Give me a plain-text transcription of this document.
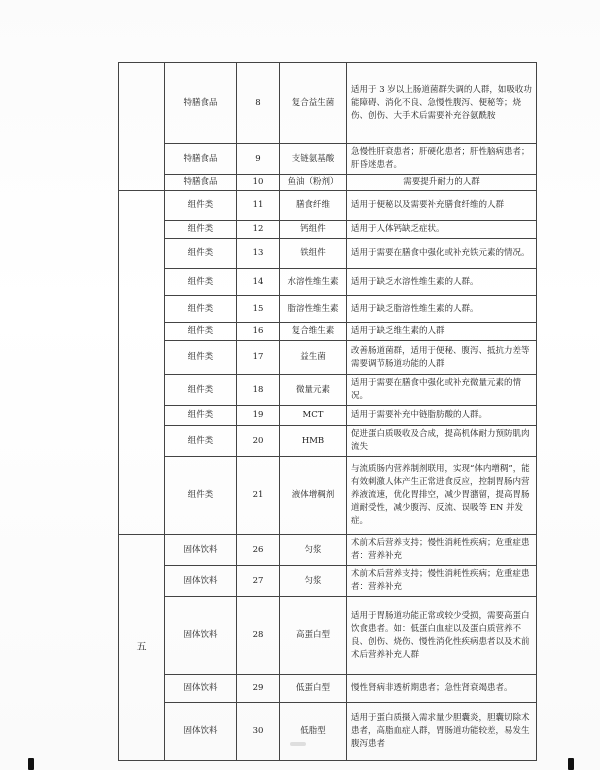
	特膳食品	8	复合益生菌	适用于 3 岁以上肠道菌群失调的人群，如吸收功能障碍、消化不良、急慢性腹泻、便秘等；烧伤、创伤、大手术后需要补充谷氨酰胺
	特膳食品	9	支链氨基酸	急慢性肝衰患者；肝硬化患者；肝性脑病患者；肝昏迷患者。
	特膳食品	10	鱼油（粉剂）	需要提升耐力的人群
	组件类	11	膳食纤维	适用于便秘以及需要补充膳食纤维的人群
	组件类	12	钙组件	适用于人体钙缺乏症状。
	组件类	13	铁组件	适用于需要在膳食中强化或补充铁元素的情况。
	组件类	14	水溶性维生素	适用于缺乏水溶性维生素的人群。
	组件类	15	脂溶性维生素	适用于缺乏脂溶性维生素的人群。
	组件类	16	复合维生素	适用于缺乏维生素的人群
	组件类	17	益生菌	改善肠道菌群，适用于便秘、腹泻、抵抗力差等需要调节肠道功能的人群
	组件类	18	微量元素	适用于需要在膳食中强化或补充微量元素的情况。
	组件类	19	MCT	适用于需要补充中链脂肪酸的人群。
	组件类	20	HMB	促进蛋白质吸收及合成，提高机体耐力预防肌肉流失
	组件类	21	液体增稠剂	与流质肠内营养制剂联用，实现“体内增稠”，能有效刺激人体产生正常进食反应，控制胃肠内营养液流速，优化胃排空，减少胃潴留，提高胃肠道耐受性，减少腹泻、反流、误吸等 EN 并发症。
五	固体饮料	26	匀浆	术前术后营养支持；慢性消耗性疾病；危重症患者：营养补充
	固体饮料	27	匀浆	术前术后营养支持；慢性消耗性疾病；危重症患者：营养补充
	固体饮料	28	高蛋白型	适用于胃肠道功能正常或较少受损，需要高蛋白饮食患者。如：低蛋白血症以及蛋白质营养不良、创伤、烧伤、慢性消化性疾病患者以及术前术后营养补充人群
	固体饮料	29	低蛋白型	慢性肾病非透析期患者；急性肾衰竭患者。
	固体饮料	30	低脂型	适用于蛋白质摄入需求量少胆囊炎，胆囊切除术患者，高脂血症人群，胃肠道功能较差，易发生腹泻患者
